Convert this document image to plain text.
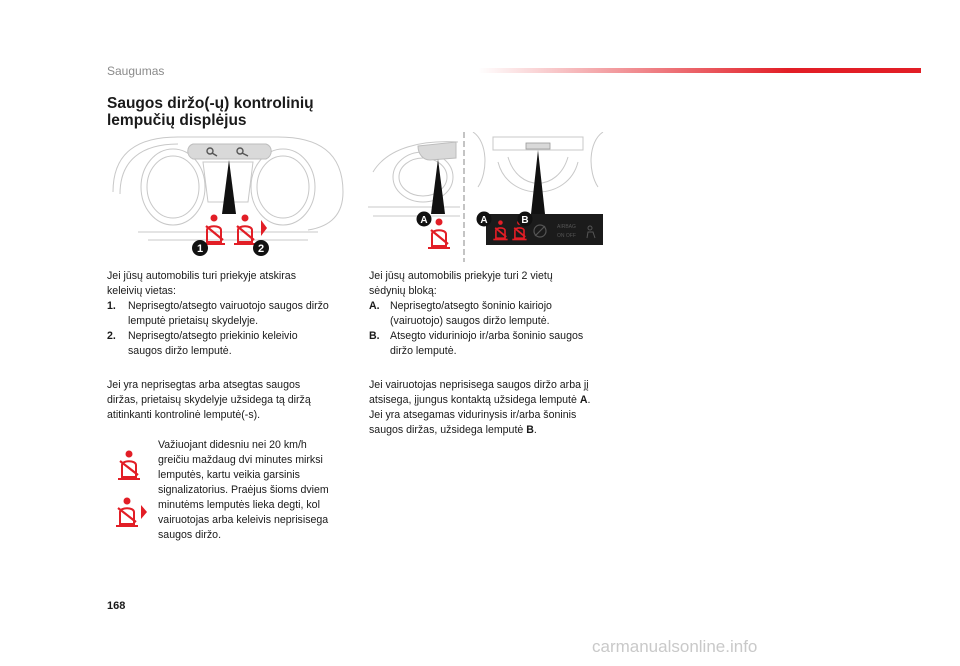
Saugumas
Saugos diržo(-ų) kontrolinių
lempučių displėjus
1	2
A
AIRBAG
ON OFF
A	B

Jei jūsų automobilis turi priekyje atskiras

keleivių vietas:

1.	Neprisegto/atsegto vairuotojo saugos diržo

lemputė prietaisų skydelyje.

2.	Neprisegto/atsegto priekinio keleivio

saugos diržo lemputė.

Jei yra neprisegtas arba atsegtas saugos

diržas, prietaisų skydelyje užsidega tą diržą

atitinkanti kontrolinė lemputė(-s).

Važiuojant didesniu nei 20 km/h

greičiu maždaug dvi minutes mirksi

lemputės, kartu veikia garsinis

signalizatorius. Praėjus šioms dviem

minutėms lemputės lieka degti, kol

vairuotojas arba keleivis neprisisega

saugos diržo.

Jei jūsų automobilis priekyje turi 2 vietų

sėdynių bloką:

A. Neprisegto/atsegto šoninio kairiojo

(vairuotojo) saugos diržo lemputė.

B. Atsegto viduriniojo ir/arba šoninio saugos

diržo lemputė.

Jei vairuotojas neprisisega saugos diržo arba jį

atsisega, įjungus kontaktą užsidega lemputė A.

Jei yra atsegamas vidurinysis ir/arba šoninis

saugos diržas, užsidega lemputė B.

168
carmanualsonline.info
